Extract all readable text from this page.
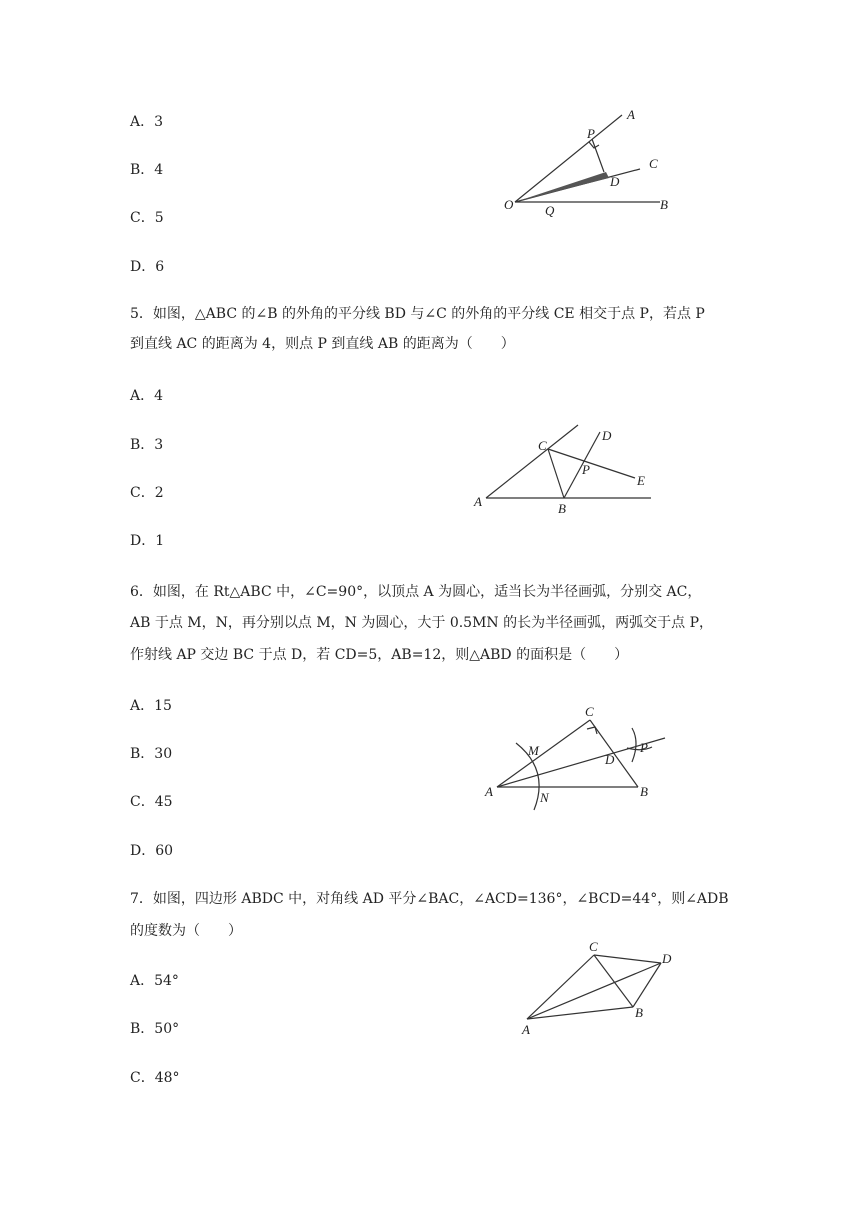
A．3
B．4
C．5
D．6
A
P
C
D
O Q	B
5．如图，△ABC 的∠B 的外角的平分线 BD 与∠C 的外角的平分线 CE 相交于点 P，若点 P
到直线 AC 的距离为 4，则点 P 到直线 AB 的距离为（　　）
A．4
B．3
C．2
D．1
C
D
P
E
A	B
6．如图，在 Rt△ABC 中，∠C=90°，以顶点 A 为圆心，适当长为半径画弧，分别交 AC，
AB 于点 M，N，再分别以点 M，N 为圆心，大于 0.5MN 的长为半径画弧，两弧交于点 P，
作射线 AP 交边 BC 于点 D，若 CD=5，AB=12，则△ABD 的面积是（　　）
A．15
B．30
C．45
D．60
C
M	P
D
A	N	B
7．如图，四边形 ABDC 中，对角线 AD 平分∠BAC，∠ACD=136°，∠BCD=44°，则∠ADB
的度数为（　　）
A．54°
B．50°
C．48°
C
D
A
B
